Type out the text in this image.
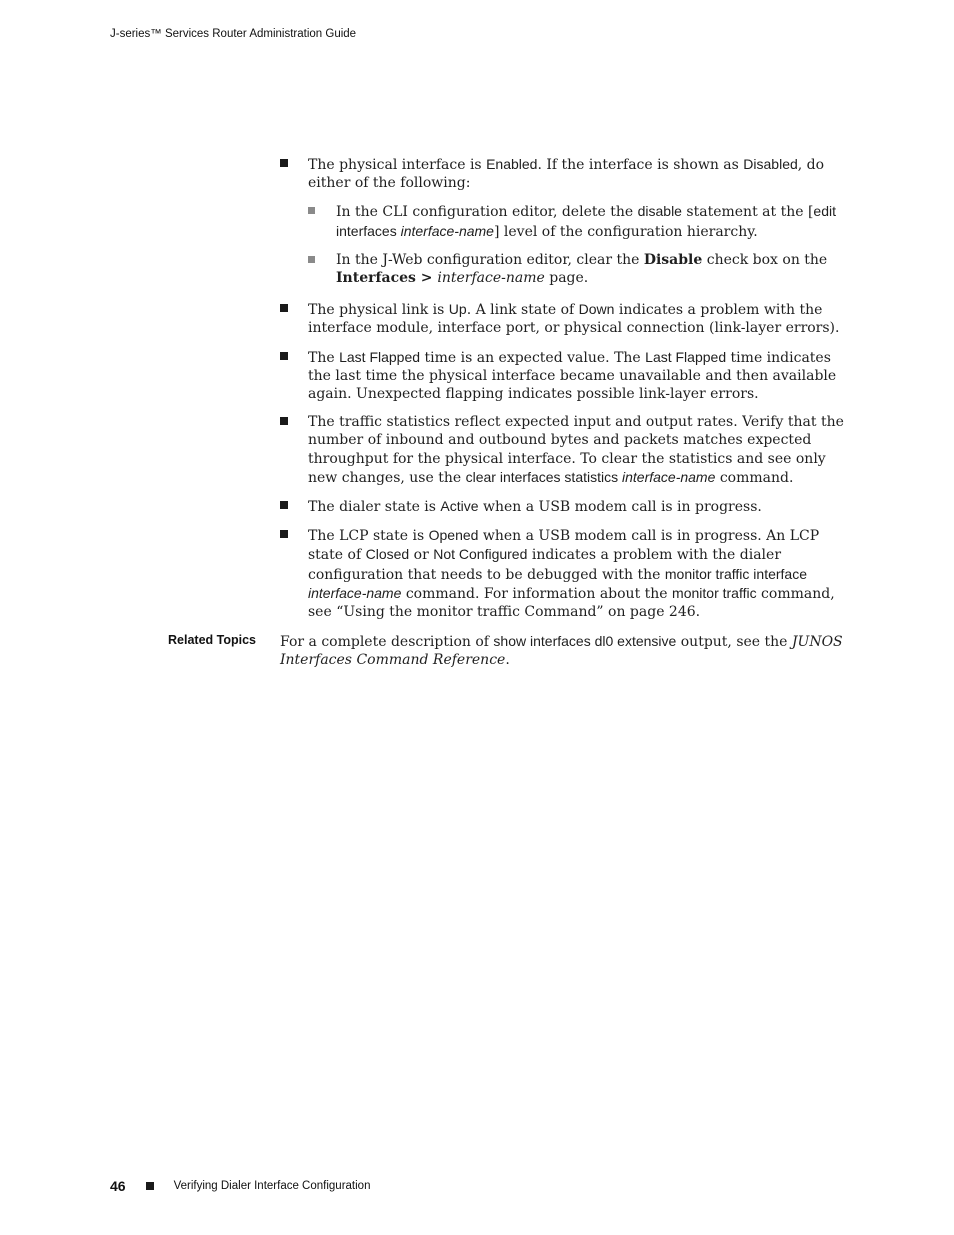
J-series™ Services Router Administration Guide
The physical interface is Enabled. If the interface is shown as Disabled, do either of the following:
In the CLI configuration editor, delete the disable statement at the [edit interfaces interface-name] level of the configuration hierarchy.
In the J-Web configuration editor, clear the Disable check box on the Interfaces > interface-name page.
The physical link is Up. A link state of Down indicates a problem with the interface module, interface port, or physical connection (link-layer errors).
The Last Flapped time is an expected value. The Last Flapped time indicates the last time the physical interface became unavailable and then available again. Unexpected flapping indicates possible link-layer errors.
The traffic statistics reflect expected input and output rates. Verify that the number of inbound and outbound bytes and packets matches expected throughput for the physical interface. To clear the statistics and see only new changes, use the clear interfaces statistics interface-name command.
The dialer state is Active when a USB modem call is in progress.
The LCP state is Opened when a USB modem call is in progress. An LCP state of Closed or Not Configured indicates a problem with the dialer configuration that needs to be debugged with the monitor traffic interface interface-name command. For information about the monitor traffic command, see “Using the monitor traffic Command” on page 246.
Related Topics For a complete description of show interfaces dl0 extensive output, see the JUNOS Interfaces Command Reference.
46	Verifying Dialer Interface Configuration
